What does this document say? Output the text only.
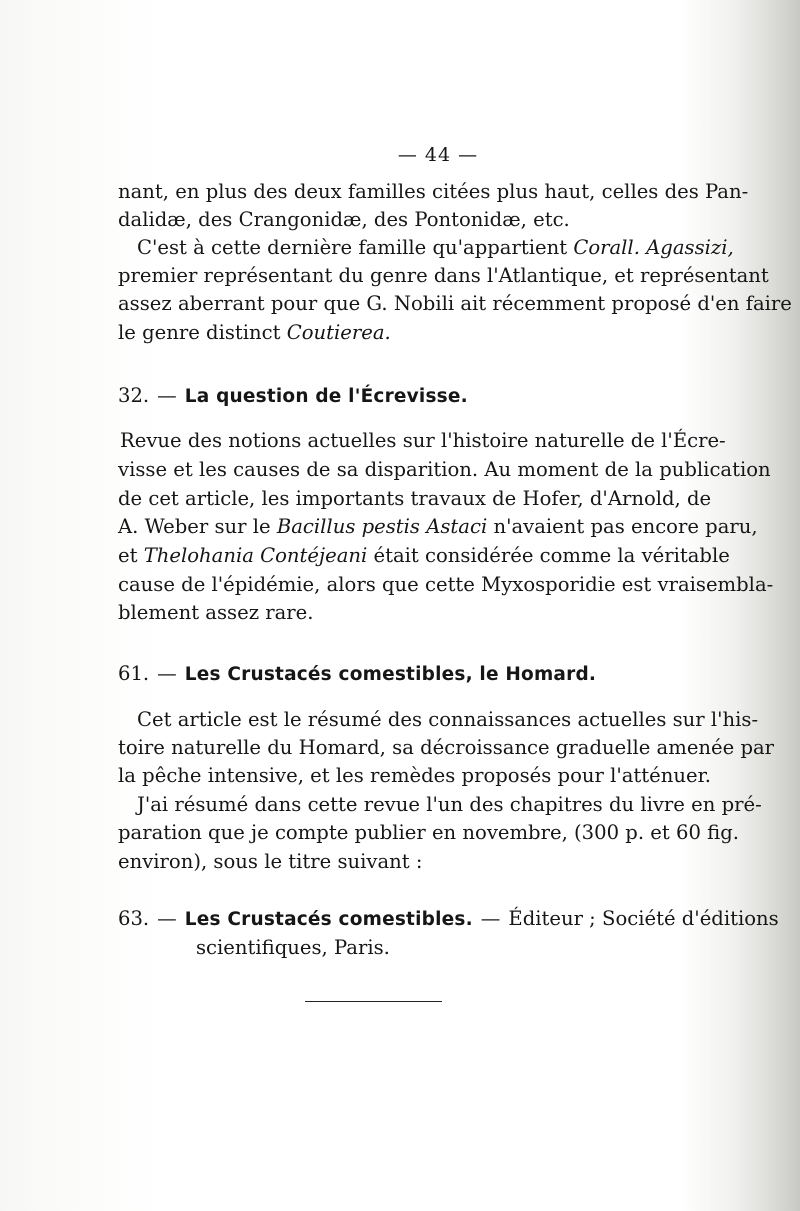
— 44 —
nant, en plus des deux familles citées plus haut, celles des Pan-
dalidæ, des Crangonidæ, des Pontonidæ, etc.
C'est à cette dernière famille qu'appartient Corall. Agassizi,
premier représentant du genre dans l'Atlantique, et représentant
assez aberrant pour que G. Nobili ait récemment proposé d'en faire
le genre distinct Coutierea.
32. — La question de l'Écrevisse.
Revue des notions actuelles sur l'histoire naturelle de l'Écre-
visse et les causes de sa disparition. Au moment de la publication
de cet article, les importants travaux de Hofer, d'Arnold, de
A. Weber sur le Bacillus pestis Astaci n'avaient pas encore paru,
et Thelohania Contéjeani était considérée comme la véritable
cause de l'épidémie, alors que cette Myxosporidie est vraisembla-
blement assez rare.
61. — Les Crustacés comestibles, le Homard.
Cet article est le résumé des connaissances actuelles sur l'his-
toire naturelle du Homard, sa décroissance graduelle amenée par
la pêche intensive, et les remèdes proposés pour l'atténuer.
J'ai résumé dans cette revue l'un des chapitres du livre en pré-
paration que je compte publier en novembre, (300 p. et 60 fig.
environ), sous le titre suivant :
63. — Les Crustacés comestibles. — Éditeur ; Société d'éditions
scientifiques, Paris.
